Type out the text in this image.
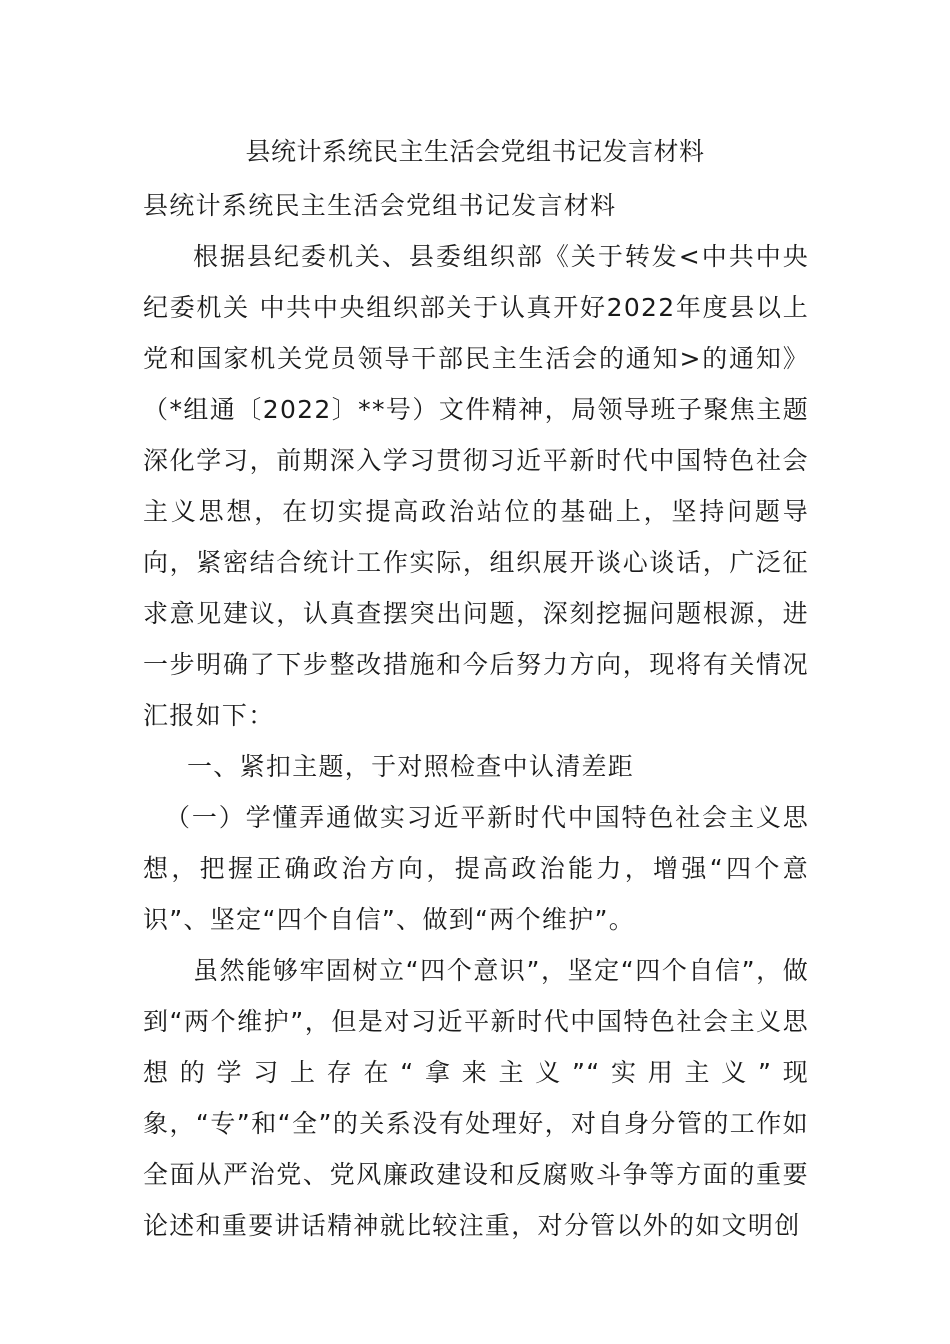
县统计系统民主生活会党组书记发言材料

县统计系统民主生活会党组书记发言材料

根据县纪委机关、县委组织部《关于转发<中共中央纪委机关 中共中央组织部关于认真开好2022年度县以上党和国家机关党员领导干部民主生活会的通知>的通知》（*组通〔2022〕**号）文件精神，局领导班子聚焦主题深化学习，前期深入学习贯彻习近平新时代中国特色社会主义思想，在切实提高政治站位的基础上，坚持问题导向，紧密结合统计工作实际，组织展开谈心谈话，广泛征求意见建议，认真查摆突出问题，深刻挖掘问题根源，进一步明确了下步整改措施和今后努力方向，现将有关情况汇报如下：

一、紧扣主题，于对照检查中认清差距

（一）学懂弄通做实习近平新时代中国特色社会主义思想，把握正确政治方向，提高政治能力，增强“四个意识”、坚定“四个自信”、做到“两个维护”。

虽然能够牢固树立“四个意识”，坚定“四个自信”，做到“两个维护”，但是对习近平新时代中国特色社会主义思想的学习上存在“拿来主义”“实用主义”现象，“专”和“全”的关系没有处理好，对自身分管的工作如全面从严治党、党风廉政建设和反腐败斗争等方面的重要论述和重要讲话精神就比较注重，对分管以外的如文明创
